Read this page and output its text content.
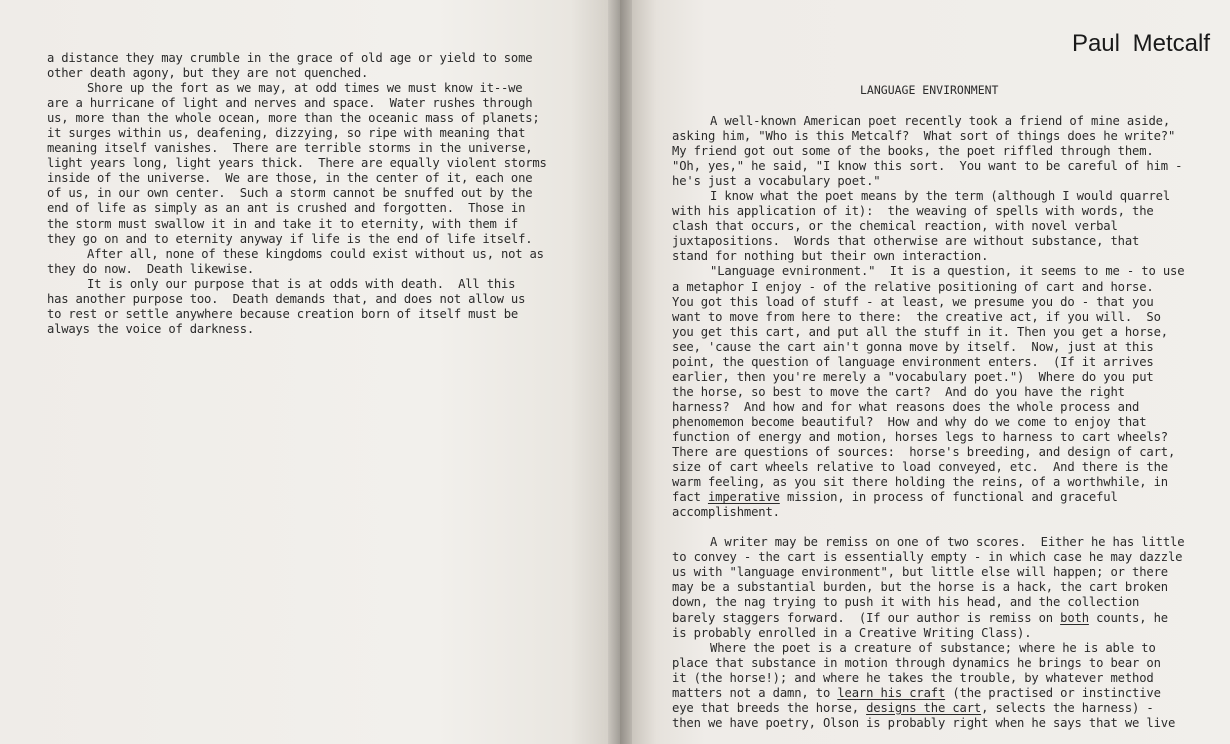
a distance they may crumble in the grace of old age or yield to some
other death agony, but they are not quenched.
Shore up the fort as we may, at odd times we must know it--we
are a hurricane of light and nerves and space.  Water rushes through
us, more than the whole ocean, more than the oceanic mass of planets;
it surges within us, deafening, dizzying, so ripe with meaning that
meaning itself vanishes.  There are terrible storms in the universe,
light years long, light years thick.  There are equally violent storms
inside of the universe.  We are those, in the center of it, each one
of us, in our own center.  Such a storm cannot be snuffed out by the
end of life as simply as an ant is crushed and forgotten.  Those in
the storm must swallow it in and take it to eternity, with them if
they go on and to eternity anyway if life is the end of life itself.
After all, none of these kingdoms could exist without us, not as
they do now.  Death likewise.
It is only our purpose that is at odds with death.  All this
has another purpose too.  Death demands that, and does not allow us
to rest or settle anywhere because creation born of itself must be
always the voice of darkness.
Paul Metcalf
LANGUAGE ENVIRONMENT
A well-known American poet recently took a friend of mine aside,
asking him, "Who is this Metcalf?  What sort of things does he write?"
My friend got out some of the books, the poet riffled through them.
"Oh, yes," he said, "I know this sort.  You want to be careful of him -
he's just a vocabulary poet."
I know what the poet means by the term (although I would quarrel
with his application of it):  the weaving of spells with words, the
clash that occurs, or the chemical reaction, with novel verbal
juxtapositions.  Words that otherwise are without substance, that
stand for nothing but their own interaction.
"Language evnironment."  It is a question, it seems to me - to use
a metaphor I enjoy - of the relative positioning of cart and horse.
You got this load of stuff - at least, we presume you do - that you
want to move from here to there:  the creative act, if you will.  So
you get this cart, and put all the stuff in it. Then you get a horse,
see, 'cause the cart ain't gonna move by itself.  Now, just at this
point, the question of language environment enters.  (If it arrives
earlier, then you're merely a "vocabulary poet.")  Where do you put
the horse, so best to move the cart?  And do you have the right
harness?  And how and for what reasons does the whole process and
phenomemon become beautiful?  How and why do we come to enjoy that
function of energy and motion, horses legs to harness to cart wheels?
There are questions of sources:  horse's breeding, and design of cart,
size of cart wheels relative to load conveyed, etc.  And there is the
warm feeling, as you sit there holding the reins, of a worthwhile, in
fact imperative mission, in process of functional and graceful
accomplishment.
A writer may be remiss on one of two scores.  Either he has little
to convey - the cart is essentially empty - in which case he may dazzle
us with "language environment", but little else will happen; or there
may be a substantial burden, but the horse is a hack, the cart broken
down, the nag trying to push it with his head, and the collection
barely staggers forward.  (If our author is remiss on both counts, he
is probably enrolled in a Creative Writing Class).
Where the poet is a creature of substance; where he is able to
place that substance in motion through dynamics he brings to bear on
it (the horse!); and where he takes the trouble, by whatever method
matters not a damn, to learn his craft (the practised or instinctive
eye that breeds the horse, designs the cart, selects the harness) -
then we have poetry, Olson is probably right when he says that we live
